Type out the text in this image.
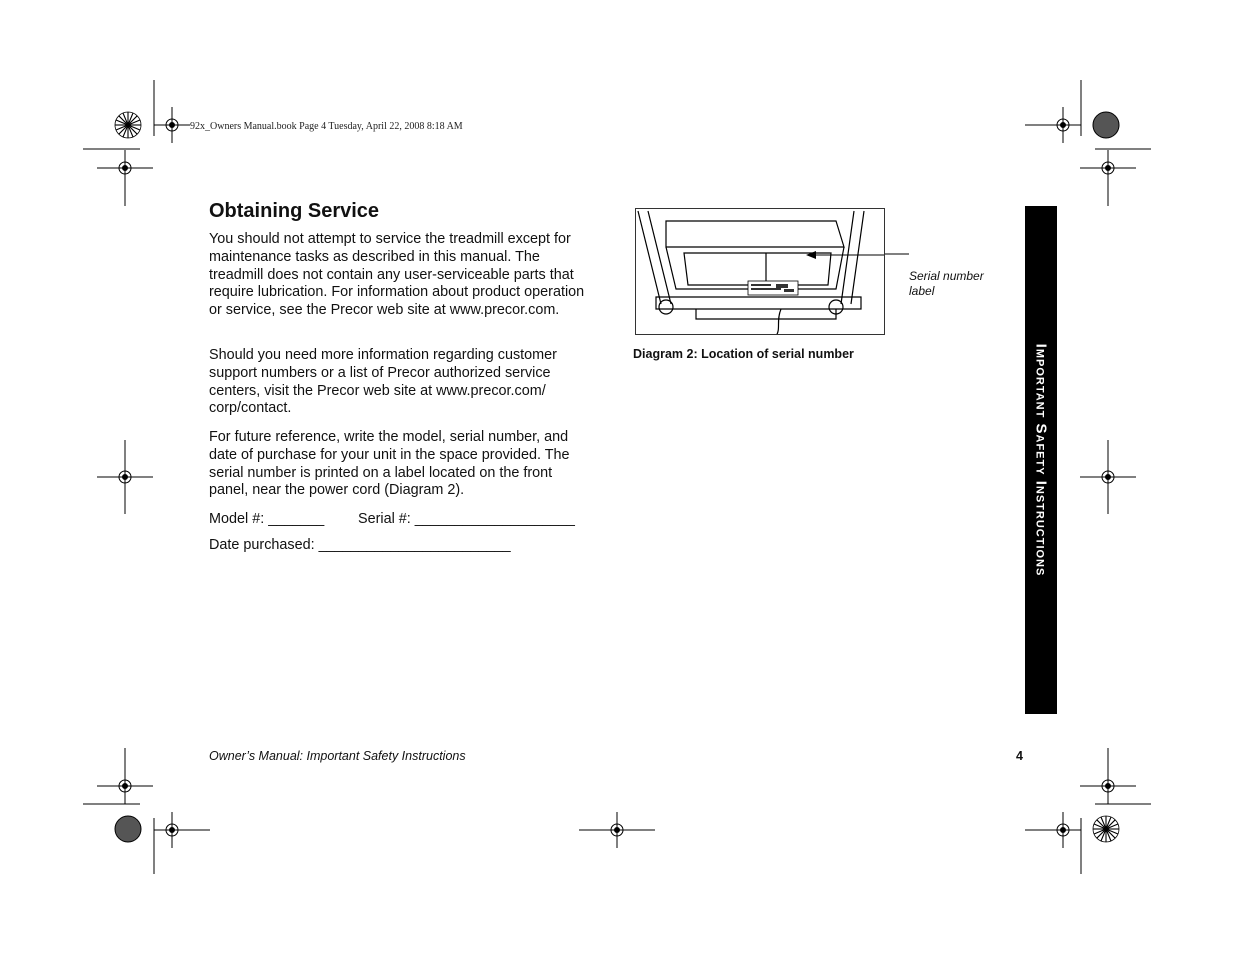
92x_Owners Manual.book Page 4 Tuesday, April 22, 2008 8:18 AM
Obtaining Service

You should not attempt to service the treadmill except for maintenance tasks as described in this manual. The treadmill does not contain any user-serviceable parts that require lubrication. For information about product operation or service, see the Precor web site at www.precor.com.

Should you need more information regarding customer support numbers or a list of Precor authorized service centers, visit the Precor web site at www.precor.com/ corp/contact.

For future reference, write the model, serial number, and date of purchase for your unit in the space provided. The serial number is printed on a label located on the front panel, near the power cord (Diagram 2).

Model #: _______ Serial #: ____________________
Date purchased: ________________________
Serial number label
Diagram 2: Location of serial number	Important Safety Instructions
Owner’s Manual: Important Safety Instructions	4
